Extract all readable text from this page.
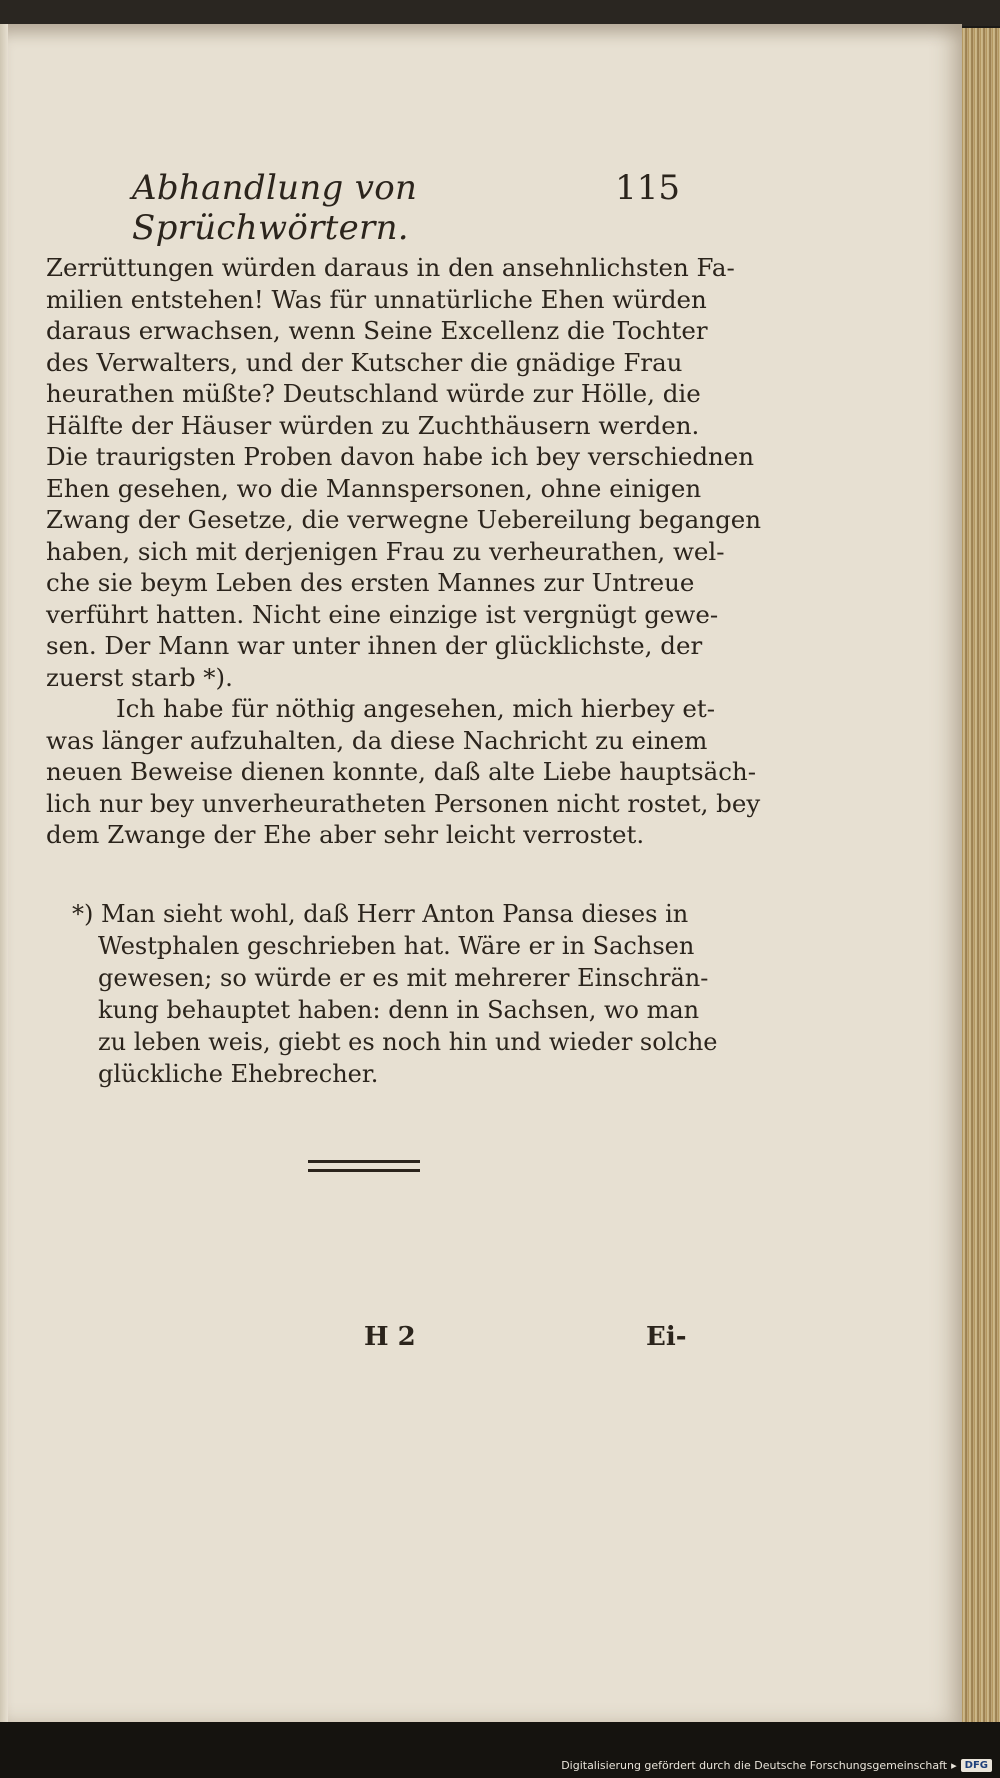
Abhandlung von Sprüchwörtern.
115
Zerrüttungen würden daraus in den ansehnlichsten Fa-
milien entstehen! Was für unnatürliche Ehen würden
daraus erwachsen, wenn Seine Excellenz die Tochter
des Verwalters, und der Kutscher die gnädige Frau
heurathen müßte? Deutschland würde zur Hölle, die
Hälfte der Häuser würden zu Zuchthäusern werden.
Die traurigsten Proben davon habe ich bey verschiednen
Ehen gesehen, wo die Mannspersonen, ohne einigen
Zwang der Gesetze, die verwegne Uebereilung begangen
haben, sich mit derjenigen Frau zu verheurathen, wel-
che sie beym Leben des ersten Mannes zur Untreue
verführt hatten. Nicht eine einzige ist vergnügt gewe-
sen. Der Mann war unter ihnen der glücklichste, der
zuerst starb *).
Ich habe für nöthig angesehen, mich hierbey et-
was länger aufzuhalten, da diese Nachricht zu einem
neuen Beweise dienen konnte, daß alte Liebe hauptsäch-
lich nur bey unverheuratheten Personen nicht rostet, bey
dem Zwange der Ehe aber sehr leicht verrostet.
*) Man sieht wohl, daß Herr Anton Pansa dieses in
Westphalen geschrieben hat. Wäre er in Sachsen
gewesen; so würde er es mit mehrerer Einschrän-
kung behauptet haben: denn in Sachsen, wo man
zu leben weis, giebt es noch hin und wieder solche
glückliche Ehebrecher.
H 2	Ei-
Digitalisierung gefördert durch die Deutsche Forschungsgemeinschaft ▸ DFG
